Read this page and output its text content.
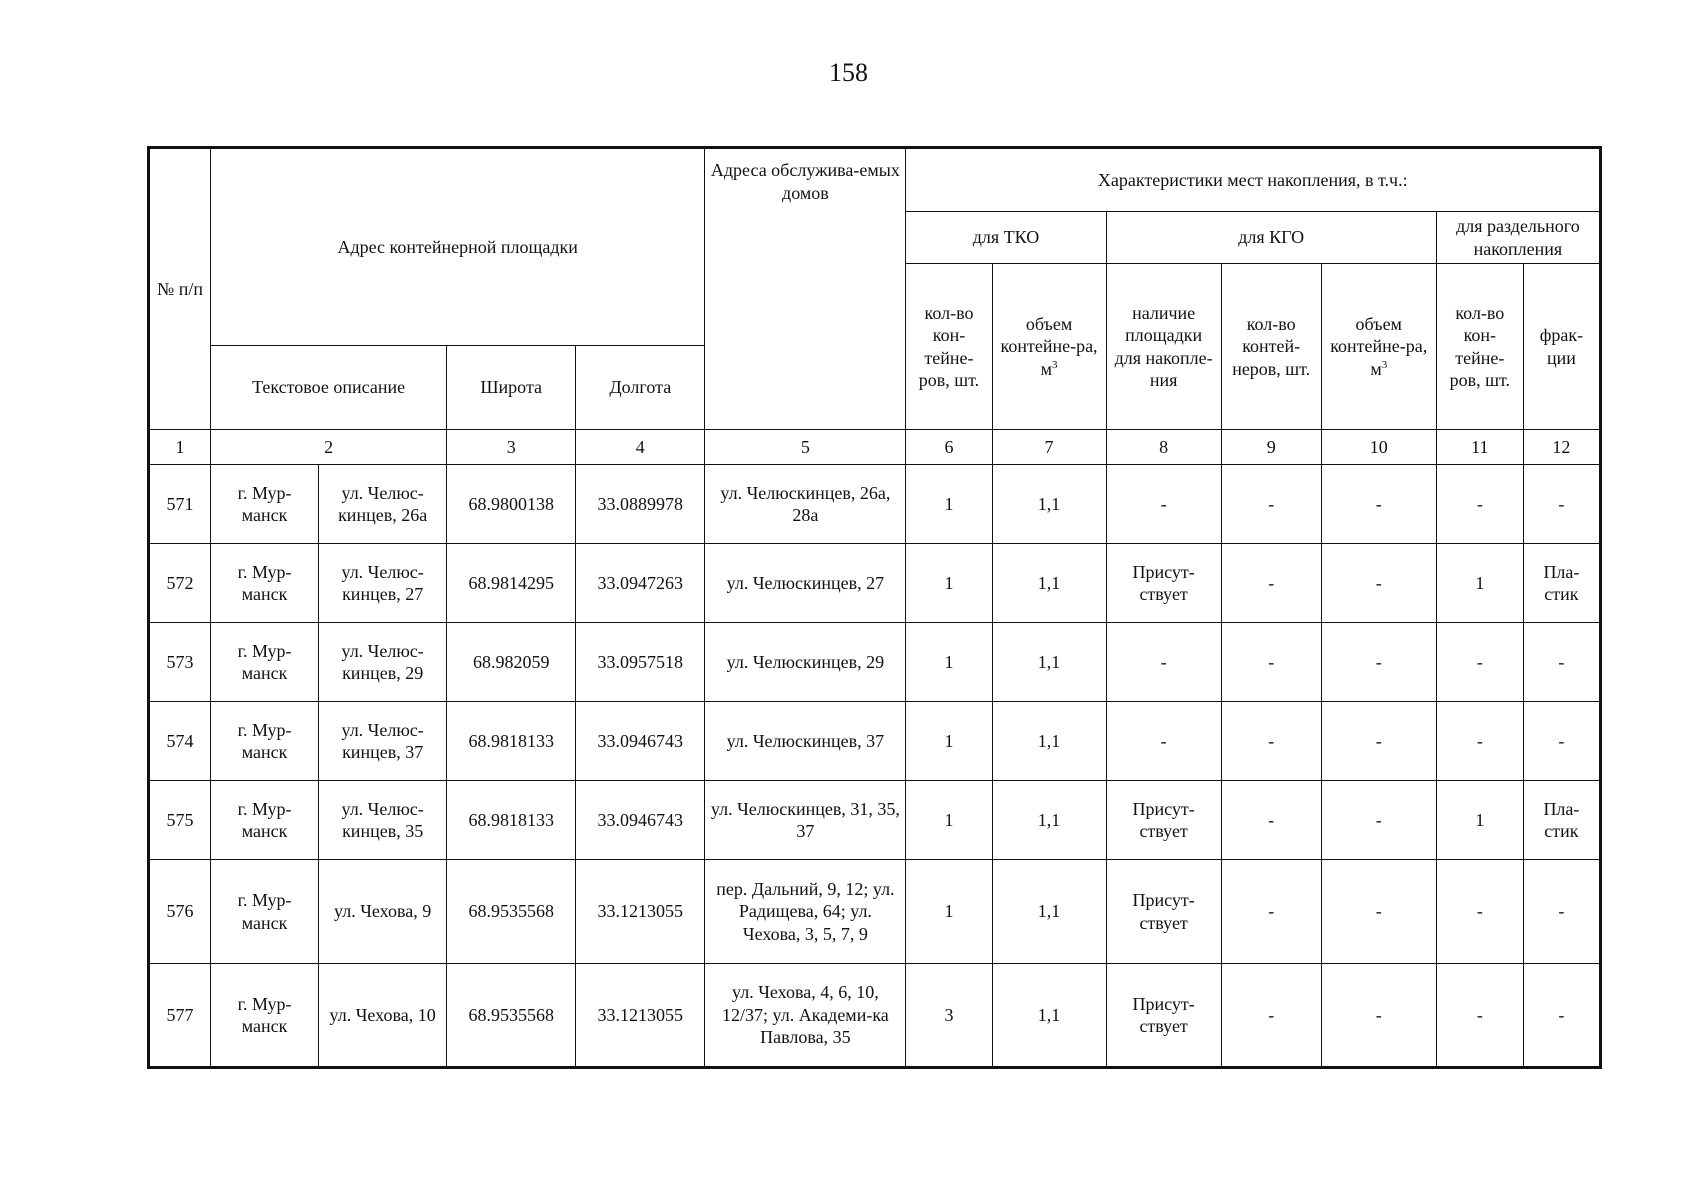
158
№ п/п	Адрес контейнерной площадки				Адреса обслужива-емых домов	Характеристики мест накопления, в т.ч.:						
						для ТКО		для КГО			для раздельного накопления	
						кол-во кон-тейне-ров, шт.	объем контейне-ра, $м^3$	наличие площадки для накопле-ния	кол-во контей-неров, шт.	объем контейне-ра, $м^3$	кол-во кон-тейне-ров, шт.	фрак-ции
	Текстовое описание		Широта	Долгота								
1	2		3	4	5	6	7	8	9	10	11	12
571	г. Мур-манск	ул. Челюс-кинцев, 26а	68.9800138	33.0889978	ул. Челюскинцев, 26а, 28а	1	1,1	-	-	-	-	-
572	г. Мур-манск	ул. Челюс-кинцев, 27	68.9814295	33.0947263	ул. Челюскинцев, 27	1	1,1	Присут-ствует	-	-	1	Пла-стик
573	г. Мур-манск	ул. Челюс-кинцев, 29	68.982059	33.0957518	ул. Челюскинцев, 29	1	1,1	-	-	-	-	-
574	г. Мур-манск	ул. Челюс-кинцев, 37	68.9818133	33.0946743	ул. Челюскинцев, 37	1	1,1	-	-	-	-	-
575	г. Мур-манск	ул. Челюс-кинцев, 35	68.9818133	33.0946743	ул. Челюскинцев, 31, 35, 37	1	1,1	Присут-ствует	-	-	1	Пла-стик
576	г. Мур-манск	ул. Чехова, 9	68.9535568	33.1213055	пер. Дальний, 9, 12; ул. Радищева, 64; ул. Чехова, 3, 5, 7, 9	1	1,1	Присут-ствует	-	-	-	-
577	г. Мур-манск	ул. Чехова, 10	68.9535568	33.1213055	ул. Чехова, 4, 6, 10, 12/37; ул. Академи-ка Павлова, 35	3	1,1	Присут-ствует	-	-	-	-
